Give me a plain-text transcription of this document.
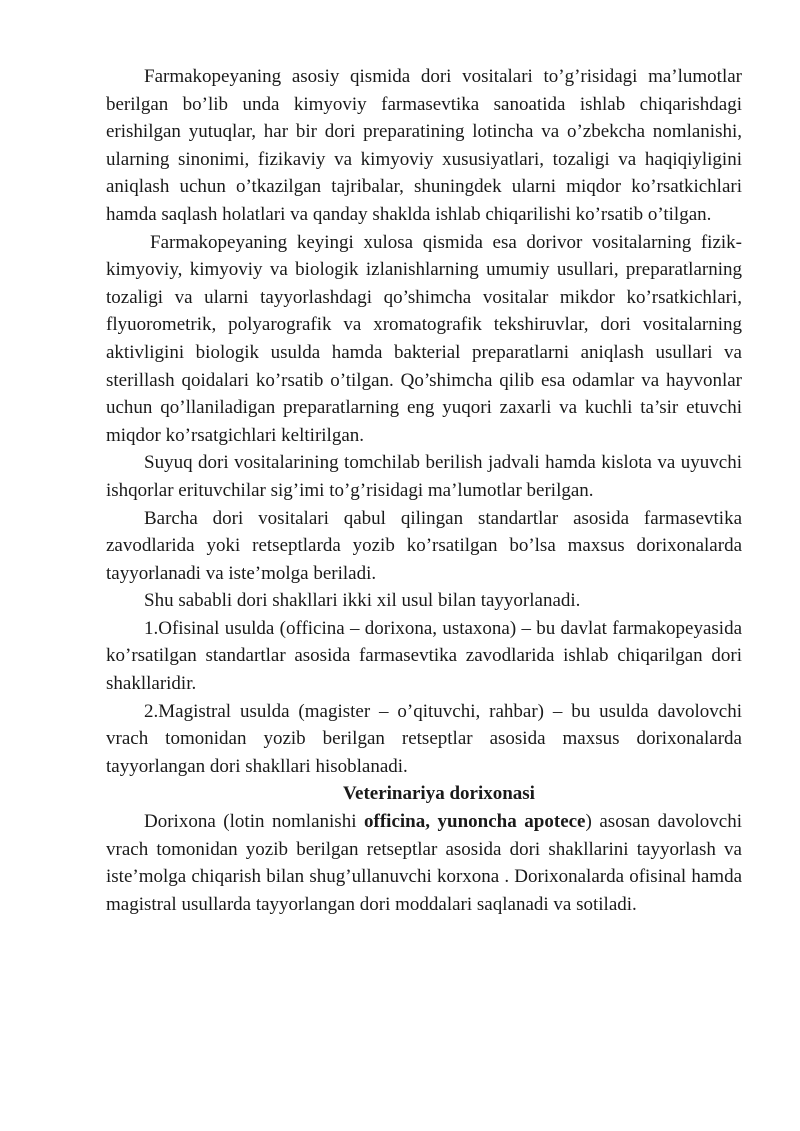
Farmakopeyaning asosiy qismida dori vositalari to’g’risidagi ma’lumotlar berilgan bo’lib unda kimyoviy farmasevtika sanoatida ishlab chiqarishdagi erishilgan yutuqlar, har bir dori preparatining lotincha va o’zbekcha nomlanishi, ularning sinonimi, fizikaviy va kimyoviy xususiyatlari, tozaligi va haqiqiyligini aniqlash uchun o’tkazilgan tajribalar, shuningdek ularni miqdor ko’rsatkichlari hamda saqlash holatlari va qanday shaklda ishlab chiqarilishi ko’rsatib o’tilgan.

Farmakopeyaning keyingi xulosa qismida esa dorivor vositalarning fizik-kimyoviy, kimyoviy va biologik izlanishlarning umumiy usullari, preparatlarning tozaligi va ularni tayyorlashdagi qo’shimcha vositalar mikdor ko’rsatkichlari, flyuorometrik, polyarografik va xromatografik tekshiruvlar, dori vositalarning aktivligini biologik usulda hamda bakterial preparatlarni aniqlash usullari va sterillash qoidalari ko’rsatib o’tilgan. Qo’shimcha qilib esa odamlar va hayvonlar uchun qo’llaniladigan preparatlarning eng yuqori zaxarli va kuchli ta’sir etuvchi miqdor ko’rsatgichlari keltirilgan.

Suyuq dori vositalarining tomchilab berilish jadvali hamda kislota va uyuvchi ishqorlar erituvchilar sig’imi to’g’risidagi ma’lumotlar berilgan.

Barcha dori vositalari qabul qilingan standartlar asosida farmasevtika zavodlarida yoki retseptlarda yozib ko’rsatilgan bo’lsa maxsus dorixonalarda tayyorlanadi va iste’molga beriladi.

Shu sababli dori shakllari ikki xil usul bilan tayyorlanadi.

1.Ofisinal usulda (officina – dorixona, ustaxona) – bu davlat farmakopeyasida ko’rsatilgan standartlar asosida farmasevtika zavodlarida ishlab chiqarilgan dori shakllaridir.

2.Magistral usulda (magister – o’qituvchi, rahbar) – bu usulda davolovchi vrach tomonidan yozib berilgan retseptlar asosida maxsus dorixonalarda tayyorlangan dori shakllari hisoblanadi.

Veterinariya dorixonasi

Dorixona (lotin nomlanishi officina, yunoncha apotece) asosan davolovchi vrach tomonidan yozib berilgan retseptlar asosida dori shakllarini tayyorlash va iste’molga chiqarish bilan shug’ullanuvchi korxona . Dorixonalarda ofisinal hamda magistral usullarda tayyorlangan dori moddalari saqlanadi va sotiladi.
